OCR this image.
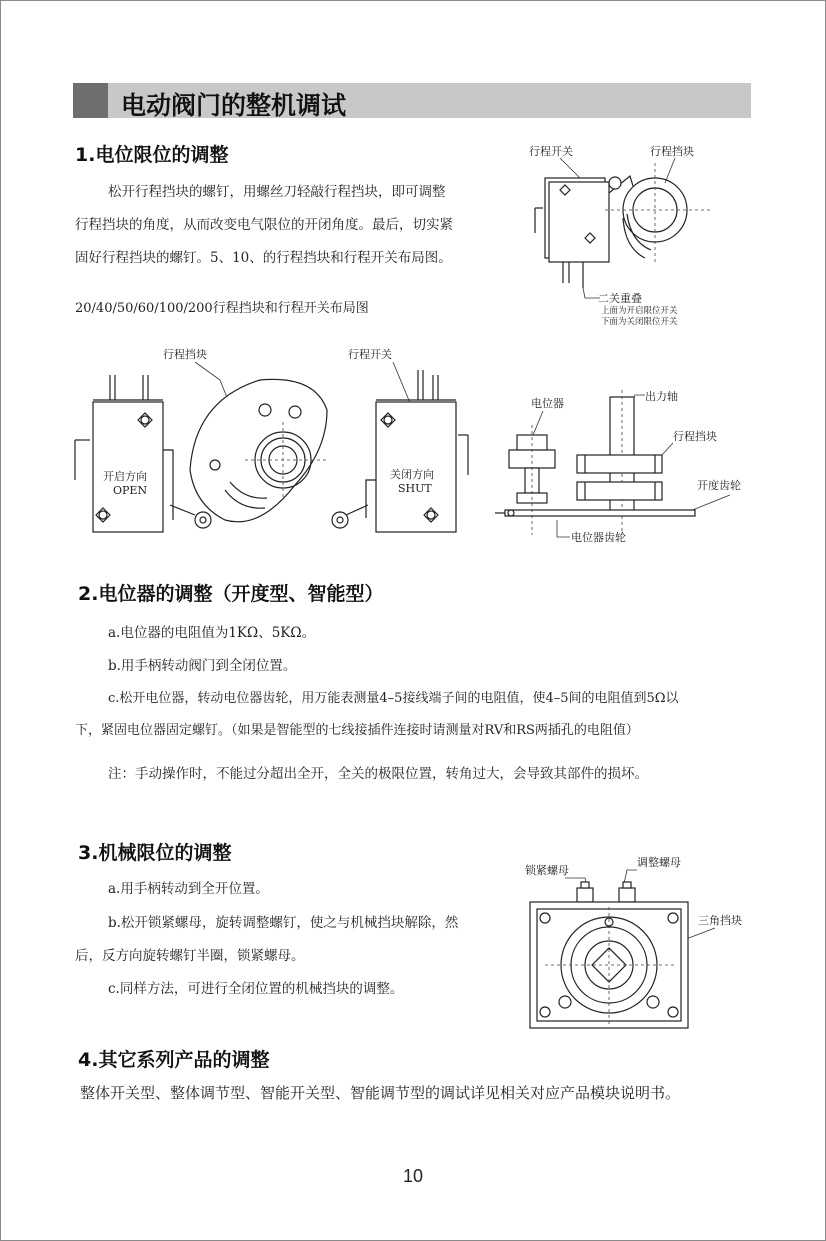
电动阀门的整机调试
1.电位限位的调整
松开行程挡块的螺钉，用螺丝刀轻敲行程挡块，即可调整
行程挡块的角度，从而改变电气限位的开闭角度。最后，切实紧
固好行程挡块的螺钉。5、10、的行程挡块和行程开关布局图。
20/40/50/60/100/200行程挡块和行程开关布局图
行程开关	行程挡块
二关重叠
上面为开启限位开关
下面为关闭限位开关
行程挡块
开启方向
OPEN
行程开关
关闭方向
SHUT
电位器
出力轴
行程挡块
开度齿轮
电位器齿轮
2.电位器的调整（开度型、智能型）
a.电位器的电阻值为1KΩ、5KΩ。
b.用手柄转动阀门到全闭位置。
c.松开电位器，转动电位器齿轮，用万能表测量4–5接线端子间的电阻值，使4–5间的电阻值到5Ω以
下，紧固电位器固定螺钉。（如果是智能型的七线接插件连接时请测量对RV和RS两插孔的电阻值）
注：手动操作时，不能过分超出全开，全关的极限位置，转角过大，会导致其部件的损坏。
3.机械限位的调整
a.用手柄转动到全开位置。
b.松开锁紧螺母，旋转调整螺钉，使之与机械挡块解除，然
后，反方向旋转螺钉半圈，锁紧螺母。
c.同样方法，可进行全闭位置的机械挡块的调整。
锁紧螺母
调整螺母
三角挡块
4.其它系列产品的调整
整体开关型、整体调节型、智能开关型、智能调节型的调试详见相关对应产品模块说明书。
10
